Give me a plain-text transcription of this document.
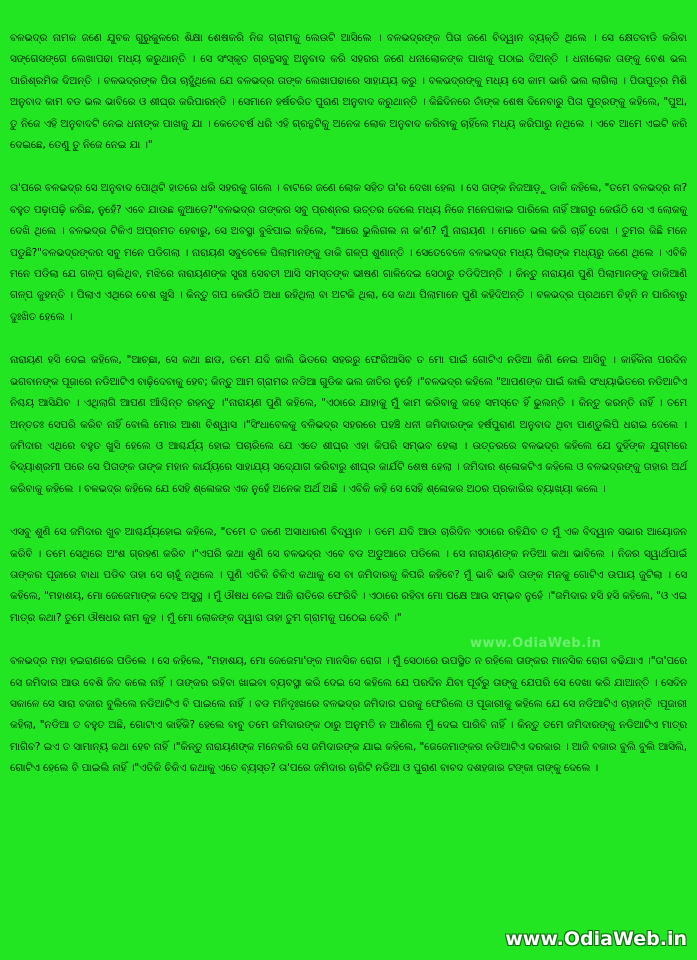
ବଳଭଦ୍ର ନାମକ ଜଣେ ଯୁବକ ଗୁରୁକୁଳରେ ଶିକ୍ଷା ଶେଷକରି ନିଜ ଗ୍ରାମକୁ ଲେଉଟି ଆସିଲେ । ବଳଭଦ୍ରଙ୍କ ପିତା ଜଣେ ବିଦ୍ୱାନ ବ୍ୟକ୍ତି ଥିଲେ । ସେ କ୍ଷେତବାଡି କରିବା ସଙ୍ଗେସଙ୍ଗେ ଲେଖାପଢା ମଧ୍ୟ କରୁଥାନ୍ତି । ସେ ସଂସ୍କୃତ ଗ୍ରନ୍ଥସବୁ ଅନୁବାଦ କରି ସହରର ଜଣେ ଧନୀଲୋକଙ୍କ ପାଖକୁ ପଠାଇ ଦିଅନ୍ତି । ଧନୀଲୋକ ତାଙ୍କୁ ବେଶ ଭଲ ପାରିଶ୍ରମିକ ଦିଅନ୍ତି । ବଳଭଦ୍ରଙ୍କ ପିତା ଚାହୁଁଥିଲେ ଯେ ବଳଭଦ୍ର ତାଙ୍କ ଲେଖାପଢାରେ ସାହାଯ୍ୟ କରୁ । ବଳଭଦ୍ରଙ୍କୁ ମଧ୍ୟ ସେ କାମ ଭାରି ଭଲ ଲାଗିଲା । ପିତାପୁତ୍ର ମିଶି ଅନୁବାଦ କାମ ବଡ ଭଲ ଭାବିରେ ଓ ଶୀଘ୍ର କରିପାରନ୍ତି । ସେମାନେ ହର୍ଷଚରିତ ପୁରାଣ ଅନୁବାଦ କରୁଥାନ୍ତି । କିଛିଦିନରେ ତାଁଙ୍କ ଶେଷ ଦିନେବାରୁ ପିତା ପୁତ୍ରଙ୍କୁ କହିଲେ, "ପୁଅ, ତୁ ନିଜେ ଏହି ଅନୁବାଦଟି ନେଇ ଧନୀଙ୍କ ପାଖକୁ ଯା । କେତେବର୍ଷ ଧରି ଏହି ଗ୍ରନ୍ଥଟିକୁ ଅନେକ ଲୋକ ଅନୁବାଦ କରିବାକୁ ଚାହିଁଲେ ମଧ୍ୟ କରିପାରୁ ନଥିଲେ । ଏବେ ଆମେ ଏଇଟି କରି ଦେଇଛେ, ତେଣୁ ତୁ ନିଜେ ନେଇ ଯା ।"

ତା'ପରେ ବଳଭଦ୍ର ସେ ଅନୁବାଦ ପୋଥିଟି ହାତରେ ଧରି ସହରକୁ ଗଲେ । ବାଟରେ ଜଣେ ଲୋକ ସହିତ ତା'ର ଦେଖା ହେଲା । ସେ ତାଙ୍କ ନିଜଆଡ଼ୁ ଡାକି କହିଲେ, "ତମେ ବଳଭଦ୍ର ନା? ବହୁତ ପଢ଼ାପଢ଼ି କରିଛ, ନୁହେଁ? ଏବେ ଯାଉଛ କୁଆଡେ?"ବଳଭଦ୍ର ତାଙ୍କର ସବୁ ପ୍ରଶ୍ନର ଉତ୍ତର ଦେଲେ ମଧ୍ୟ ନିଜେ ମନେପକାଇ ପାରିଲେ ନାହିଁ ଆଗରୁ କେଉଁଠି ସେ ଏ ଲୋକକୁ ଦେଖି ଥିଲେ । ବଳଭଦ୍ର ଟିକିଏ ଅପ୍ରମତ ହେବାରୁ, ସେ ଅବସ୍ଥା ବୁଝିପାଇ କହିଲେ, "ଆରେ ଭୁଲିଗଲ ନା କ'ଣ? ମୁଁ ନାରାୟଣ । ମୋତେ ଭଲ କରି ଚାହିଁ ଦେଖ । ତୁମର କିଛି ମନେ ପଡୁଛି?"ବଳଭଦ୍ରଙ୍କର ସବୁ ମନେ ପଡିଗଲା । ନାରାୟଣ ସବୁବେଳେ ପିଲାମାନଙ୍କୁ ଡାକି ଗଳ୍ପ ଶୁଣାନ୍ତି । ସେତେବେଳେ ବଳଭଦ୍ର ମଧ୍ୟ ପିଲାଙ୍କ ମଧ୍ୟରୁ ଜଣେ ଥିଲେ । ଏବିକି ମନେ ପଡିଲା ଯେ ଗଳ୍ପ ଚାଲିଥିବ, ମଝିରେ ନାରାୟଣଙ୍କ ସ୍ତ୍ରୀ ସେବତୀ ଆସି ସମସ୍ତଙ୍କ ଭୀଷଣ ଗାଳିଦେଇ ସେଠାରୁ ତଡିଦିଅନ୍ତି । କିନ୍ତୁ ନାରାୟଣ ପୁଣି ପିଲାମାନଙ୍କୁ ଡାକିଆଣି ଗଳ୍ପ କୁହନ୍ତି । ପିଲାଏ ଏଥିରେ ବେଶ ଖୁସି । କିନ୍ତୁ ଗପ କେଉଁଠି ଅଧା ରହିଥିଲା ବା ଅଟକି ଥିଲା, ସେ କଥା ପିଲାମାନେ ପୁଣି କହିଦିଅନ୍ତି । ବଳଭଦ୍ର ପ୍ରଥମେ ଚିହ୍ନି ନ ପାରିବାରୁ ଦୁଃଖିତ ହେଲେ ।

ନାରାୟଣ ହସି ଦେଇ କହିଲେ, "ଆଚ୍ଛା, ସେ କଥା ଛାଡ, ତମେ ଯଦି କାଲି ଭିତରେ ସହରରୁ ଫେରିଆସିବ ତ ମୋ ପାଇଁ ଗୋଟିଏ ନଡିଆ କିଣି ନେଇ ଆସିବୁ । କାହିଁକିନା ପରଦିନ ଭଗବାନଙ୍କ ପୂଜାରେ ନଡିଆଟିଏ ବାଢ଼ିଦେବାକୁ ହେବ; କିନ୍ତୁ ଆମ ଗ୍ରାମର ନଡିଆ ଗୁଡିକ ଭଲ ଜାତିର ନୁହେଁ ।"ବଳଭଦ୍ର କହିଲେ "ଆପଣଙ୍କ ପାଇଁ କାଲି ସଂଧ୍ୟାଭିତରେ ନଡିଆଟିଏ ନିଶ୍ଚୟ ଆସିଯିବ । ଏଥିଲାଗି ଆପଣ ଆଁଶ୍ଚିନ୍ତ ରହନ୍ତୁ ।"ନାରାୟଣ ପୁଣି କହିଲେ, "ଏଠାରେ ଯାହାକୁ ମୁଁ କାମ କରିବାକୁ କହେ ସମସ୍ତେ ହିଁ ଭୁଲନ୍ତି । କିନ୍ତୁ କରନ୍ତି ନାହିଁ । ତମେ ଅନ୍ତତଃ ସେପରି କରିବ ନାହିଁ ବୋଲି ମୋର ଆଶା ବିଶ୍ୱାସ ।"ସିଂଧାବେଳକୁ ବଳିଭଦ୍ର ସହରରେ ପହଞ୍ଚି ଧନୀ ଜମିଦାରଙ୍କ ହର୍ଷପୁରାଣ ଅନୁବାଦ ଥିବା ପାଣ୍ଡୁଲିପି ଧରାଇ ଦେଲେ । ଜମିଦାର ଏଥିରେ ବହୁତ ଖୁସି ହେଲେ ଓ ଆଶ୍ଚର୍ଯ୍ୟ ହୋଇ ପଚାରିଲେ ଯେ ଏତେ ଶୀଘ୍ର ଏହା କିପରି ସମ୍ଭବ ହେଲା । ଉତ୍ତରରେ ବଳଭଦ୍ର କହିଲେ ଯେ ଦୁହିଁଙ୍କ ଯୁଗ୍ମରେ ବିଦ୍ୟାଶ୍ରମୀ ପରେ ସେ ପିତାଙ୍କ ତାଙ୍କ ମହାନ କାର୍ଯ୍ୟରେ ସାହାଯ୍ୟ ସଦ୍ଯୋଗ କରିବାରୁ ଶୀଘ୍ର କାର୍ଯଟି ଶେଷ ହେଲା । ଜମିଦାର ଶ୍ଳୋକଟିଏ କହିଲେ ଓ ବଳଭଦ୍ରଙ୍କୁ ତାହାର ଅର୍ଥ କରିବାକୁ କହିଲେ । ବଳଭଦ୍ର କହିଲେ ଯେ ସେହି ଶ୍ଳୋକର ଏକ ନୁହେଁ ଅନେକ ଅର୍ଥ ଅଛି । ଏବିକି କହି ସେ ସେହି ଶ୍ଳୋକର ଅଠର ପ୍ରକାରିର ବ୍ୟାଖ୍ୟା କଲେ ।

ଏସବୁ ଶୁଣି ସେ ଜମିଦାର ଖୁବ ଆଶ୍ଚର୍ଯ୍ୟହୋଇ କହିଲେ, "ତମେ ତ ଜଣେ ଅସାଧାରଣ ବିଦ୍ୱାନ । ତମେ ଯଦି ଆଉ ଚାରିଦିନ ଏଠାରେ ରହିଯିବ ତ ମୁଁ ଏକ ବିଦ୍ୱାନ ସଭାର ଆୟୋଜନ କରିବି । ତମେ ସେଥିରେ ଅଂଶ ଗ୍ରହଣ କରିବ ।"ଏପରି କଥା ଶୁଣି ସେ ବଳଭଦ୍ର ଏବେ ବଡ ଅଡୁଆରେ ପଡିଲେ । ସେ ନାରାୟଣଙ୍କ ନଡିଆ କଥା ଭାବିଲେ । ନିଜର ସ୍ୱାର୍ଥପାଇଁ ତାଙ୍କର ପୂଜାରେ ବାଧା ପଡିବ ତାହା ସେ ଚାହୁଁ ନଥିଲେ । ପୁଣି ଏତିକି ଚିକିଏ କଥାକୁ ସେ ବା ଜମିଦାରକୁ କିପରି କହିବେ? ମୁଁ ଭାବି ଭାବି ତାଙ୍କ ମନକୁ ଗୋଟିଏ ଉପାୟ ଜୁଟିଲା । ସେ କହିଲେ, "ମହାଶୟ, ମୋ ଜେଜେମାଙ୍କ ଦେହ ଅସୁସ୍ଥ । ମୁଁ ଔଷଧ ନେଇ ଆଜି ରାତିରେ ଫେରିବି । ଏଠାରେ ରହିବା ମୋ ପକ୍ଷେ ଆଉ ସମ୍ଭବ ନୁହେଁ ।"ଜମିଦାର ହସି ହସି କହିଲେ, "ଓ ଏଇ ମାତ୍ର କଥା? ତୁମେ ଔଷଧର ନାମ କୁହ । ମୁଁ ମୋ ଲୋକଙ୍କ ଦ୍ୱାରା ତାହା ତୁମ ଗ୍ରାମକୁ ପଠେଇ ଦେବି ।"

ବଳଭଦ୍ର ମହା ହଇରାଣରେ ପଡିଲେ । ସେ କହିଲେ, "ମହାଶୟ, ମୋ ଜେଜେମା'ଙ୍କ ମାନସିକ ରୋଗ । ମୁଁ ସେଠାରେ ଉପସ୍ଥିତ ନ ରହିଲେ ତାଙ୍କର ମାନସିକ ରୋଗ ବଢିଯାଏ ।"ତା'ପରେ ସେ ଜମିଦାର ଆଉ ବେଶି ଜିଦ କଲେ ନାହିଁ । ତାଙ୍କର ରହିବା ଖାଇବା ବ୍ୟବସ୍ଥା କରି ଦେଇ ସେ କହିଲେ ଯେ ପରଦିନ ଯିବା ପୂର୍ବରୁ ତାଙ୍କୁ ଯେପରି ସେ ଦେଖା କରି ଯାଆନ୍ତି । ସେଦିନ ସକାଳେ ସେ ସାରା ବଜାର ବୁଲିଲେ ନଡିଆଟିଏ ବି ପାଇଲେ ନାହିଁ । ବଡ ମନିଦୃଃଖରେ ବଳଭଦ୍ର ଜମିଦାର ଘରକୁ ଫେରିଲେ ଓ ପୂଜାରୀକୁ କହିଲେ ଯେ ସେ ନଡିଆଟିଏ ଚାହାନ୍ତି ।ପୂଜାରୀ କହିଲା, "ନଡିଆ ତ ବହୁତ ଅଛି, ଗୋଟାଏ କାହିଁକି? ହେଲେ ବାବୁ ତମେ ଜମିଦାରଙ୍କ ଠାରୁ ଅନୁମତି ନ ଆଣିଲେ ମୁଁ ଦେଇ ପାରିବି ନାହିଁ । କିନ୍ତୁ ତମେ ଜମିଦାରଙ୍କୁ ନଡିଆଟିଏ ମାତ୍ର ମାଗିବ? ଇଏ ତ ସାମାନ୍ୟ କଥା ହେବ ନାହିଁ ।"କିନ୍ତୁ ନାରାୟଣଙ୍କ ମନେକରି ସେ ଜମିଦାରଙ୍କ ଯାଇ କହିଲେ, "ଜେଜେମାଙ୍କର ନଡିଆଟିଏ ଦରକାର । ଆଜି ବଜାର ବୁଲି ବୁଲି ଆସିଲି, ଗୋଟିଏ ହେଲେ ବି ପାଇଲି ନାହିଁ ।"ଏତିକି ଚିକିଏ କଥାକୁ ଏତେ ବ୍ୟସ୍ତ? ତା'ପରେ ଜମିଦାର ଚାରିଟି ନଡିଆ ଓ ପୁରାଣ ବାବଦ ଦଶହଜାର ଟଙ୍କା ତାଙ୍କୁ ଦେଲେ ।

www.OdiaWeb.in
www.OdiaWeb.in
